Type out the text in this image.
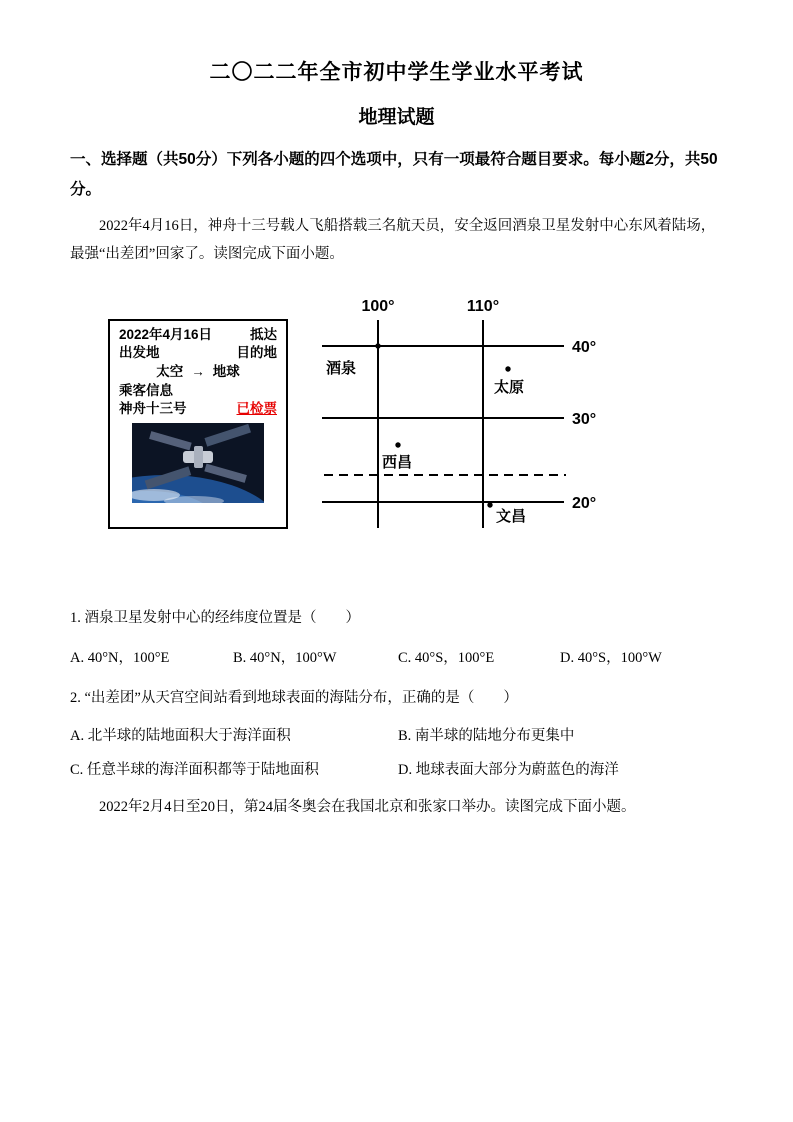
二〇二二年全市初中学生学业水平考试
地理试题
一、选择题（共50分）下列各小题的四个选项中，只有一项最符合题目要求。每小题2分，共50分。
2022年4月16日，神舟十三号载人飞船搭载三名航天员，安全返回酒泉卫星发射中心东风着陆场，最强“出差团”回家了。读图完成下面小题。
2022年4月16日	抵达
出发地	目的地
太空 → 地球
乘客信息
神舟十三号	已检票
100°	110°
40°
30°
20°
酒泉
太原
西昌
文昌
1. 酒泉卫星发射中心的经纬度位置是（　　）
A. 40°N，100°E	B. 40°N，100°W	C. 40°S，100°E	D. 40°S，100°W
2. “出差团”从天宫空间站看到地球表面的海陆分布，正确的是（　　）
A. 北半球的陆地面积大于海洋面积	B. 南半球的陆地分布更集中
C. 任意半球的海洋面积都等于陆地面积	D. 地球表面大部分为蔚蓝色的海洋
2022年2月4日至20日，第24届冬奥会在我国北京和张家口举办。读图完成下面小题。
